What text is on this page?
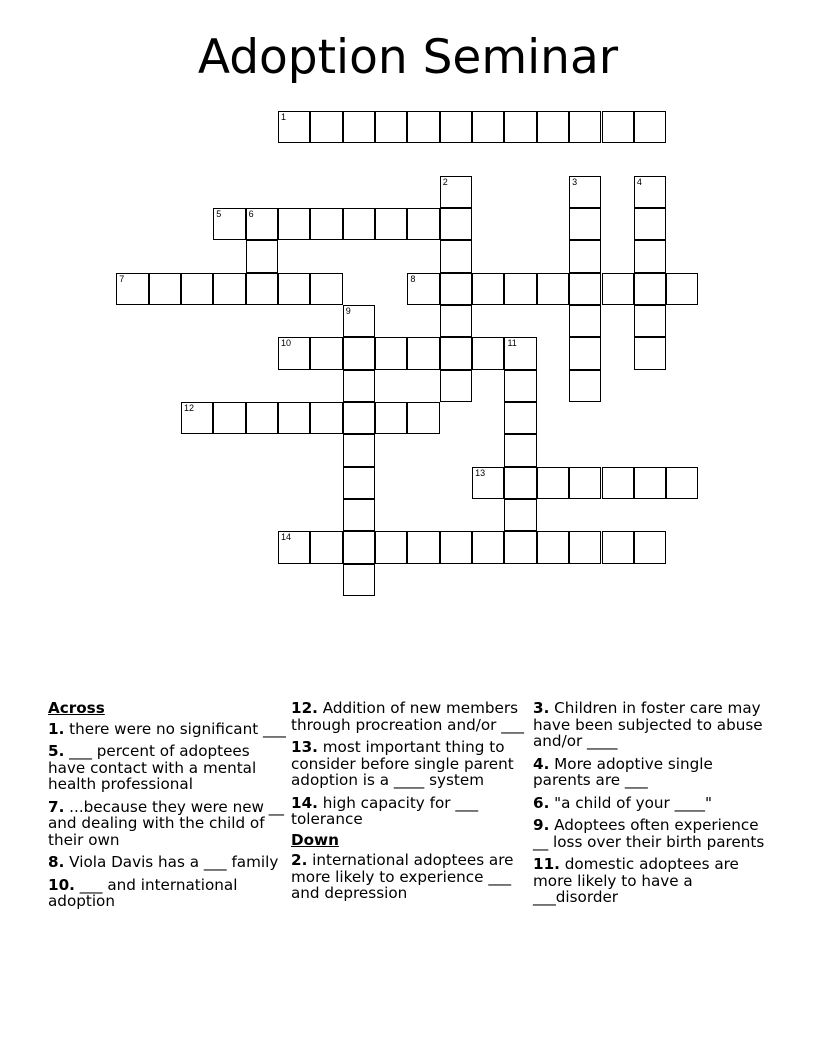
Adoption Seminar
1
2	3	4
5	6
7	8
9
10	11
12
13
14
Across
1. there were no significant ___
5. ___ percent of adoptees have contact with a mental health professional
7. ...because they were new __ and dealing with the child of their own
8. Viola Davis has a ___ family
10. ___ and international adoption
12. Addition of new members through procreation and/or ___
13. most important thing to consider before single parent adoption is a ____ system
14. high capacity for ___ tolerance
Down
2. international adoptees are more likely to experience ___ and depression
3. Children in foster care may have been subjected to abuse and/or ____
4. More adoptive single parents are ___
6. "a child of your ____"
9. Adoptees often experience __ loss over their birth parents
11. domestic adoptees are more likely to have a ___disorder
